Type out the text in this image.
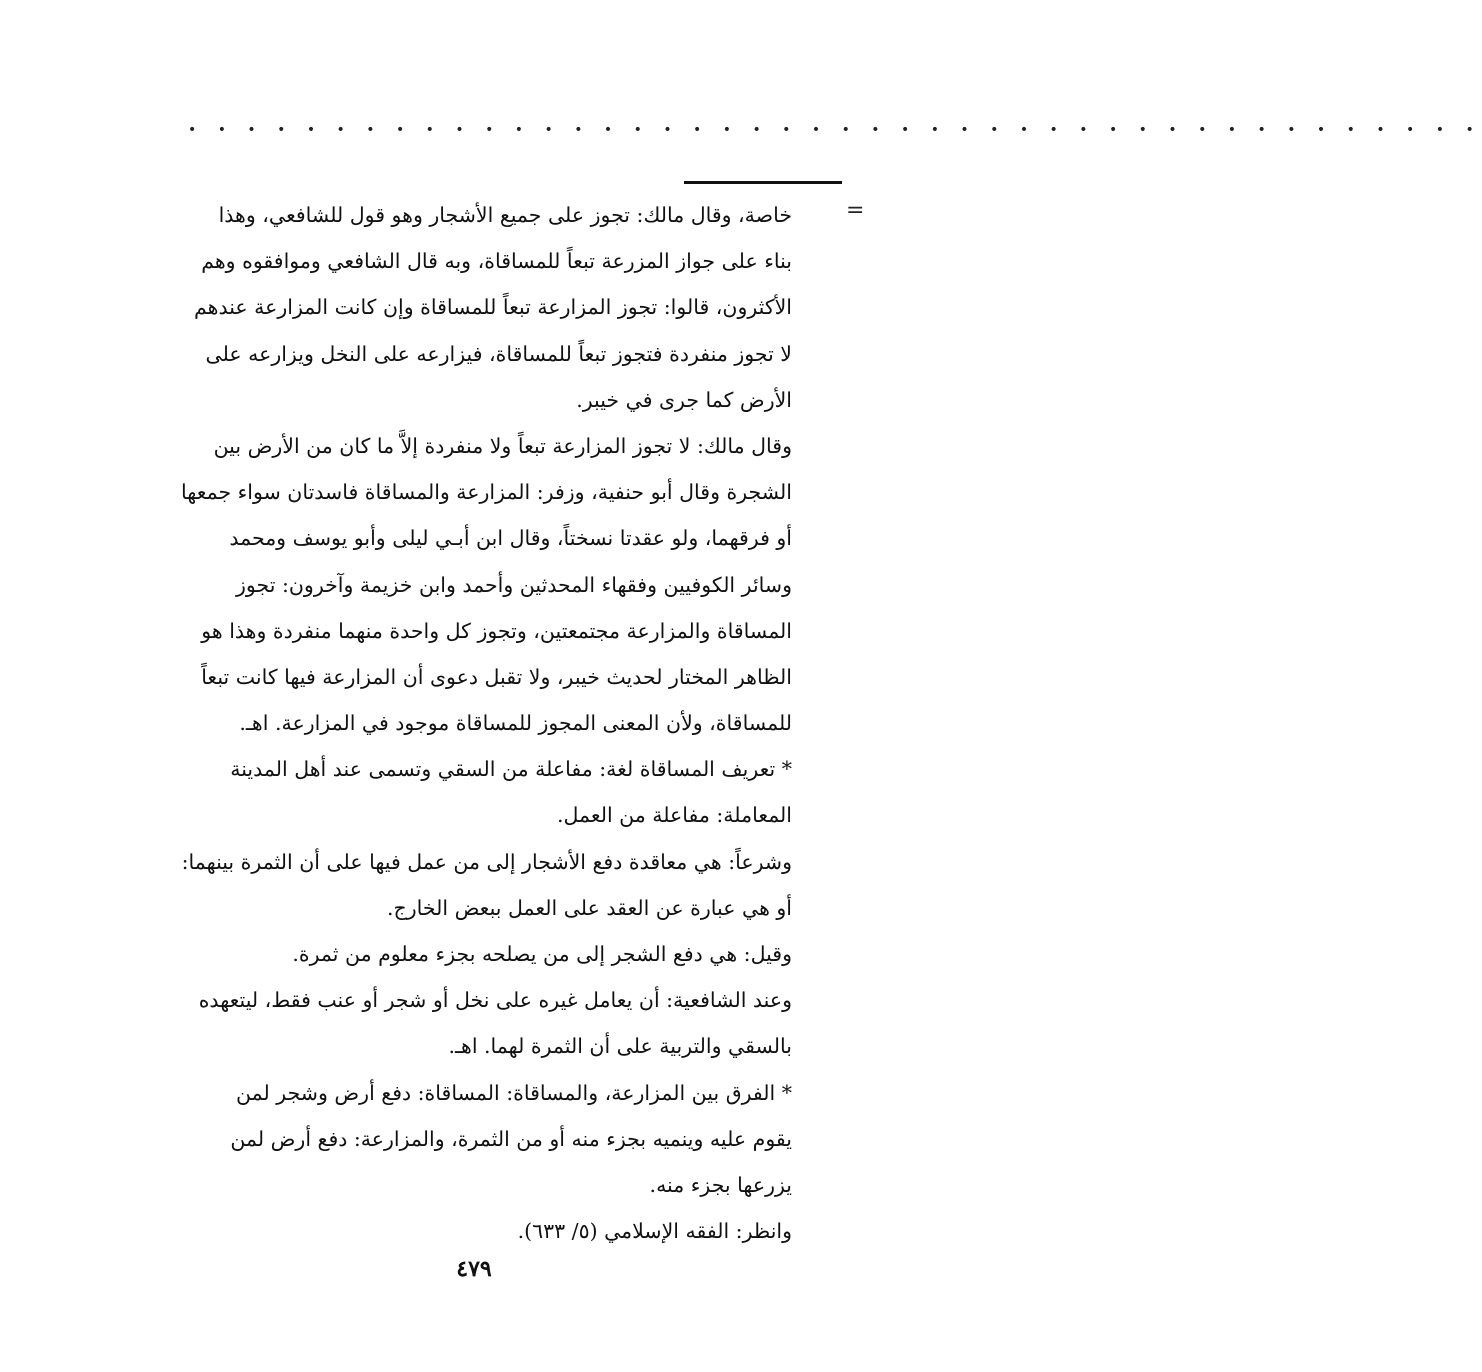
• • • • • • • • • • • • • • • • • • • • • • • • • • • • • • • • • • • • • • • • • • • •
=
خاصة، وقال مالك: تجوز على جميع الأشجار وهو قول للشافعي، وهذا
بناء على جواز المزرعة تبعاً للمساقاة، وبه قال الشافعي وموافقوه وهم
الأكثرون، قالوا: تجوز المزارعة تبعاً للمساقاة وإن كانت المزارعة عندهم
لا تجوز منفردة فتجوز تبعاً للمساقاة، فيزارعه على النخل ويزارعه على
الأرض كما جرى في خيبر.
وقال مالك: لا تجوز المزارعة تبعاً ولا منفردة إلاَّ ما كان من الأرض بين
الشجرة وقال أبو حنفية، وزفر: المزارعة والمساقاة فاسدتان سواء جمعها
أو فرقهما، ولو عقدتا نسختاً، وقال ابن أبـي ليلى وأبو يوسف ومحمد
وسائر الكوفيين وفقهاء المحدثين وأحمد وابن خزيمة وآخرون: تجوز
المساقاة والمزارعة مجتمعتين، وتجوز كل واحدة منهما منفردة وهذا هو
الظاهر المختار لحديث خيبر، ولا تقبل دعوى أن المزارعة فيها كانت تبعاً
للمساقاة، ولأن المعنى المجوز للمساقاة موجود في المزارعة. اهـ.
* تعريف المساقاة لغة: مفاعلة من السقي وتسمى عند أهل المدينة
المعاملة: مفاعلة من العمل.
وشرعاً: هي معاقدة دفع الأشجار إلى من عمل فيها على أن الثمرة بينهما:
أو هي عبارة عن العقد على العمل ببعض الخارج.
وقيل: هي دفع الشجر إلى من يصلحه بجزء معلوم من ثمرة.
وعند الشافعية: أن يعامل غيره على نخل أو شجر أو عنب فقط، ليتعهده
بالسقي والتربية على أن الثمرة لهما. اهـ.
* الفرق بين المزارعة، والمساقاة: المساقاة: دفع أرض وشجر لمن
يقوم عليه وينميه بجزء منه أو من الثمرة، والمزارعة: دفع أرض لمن
يزرعها بجزء منه.
وانظر: الفقه الإسلامي (٥/ ٦٣٣).
٤٧٩
